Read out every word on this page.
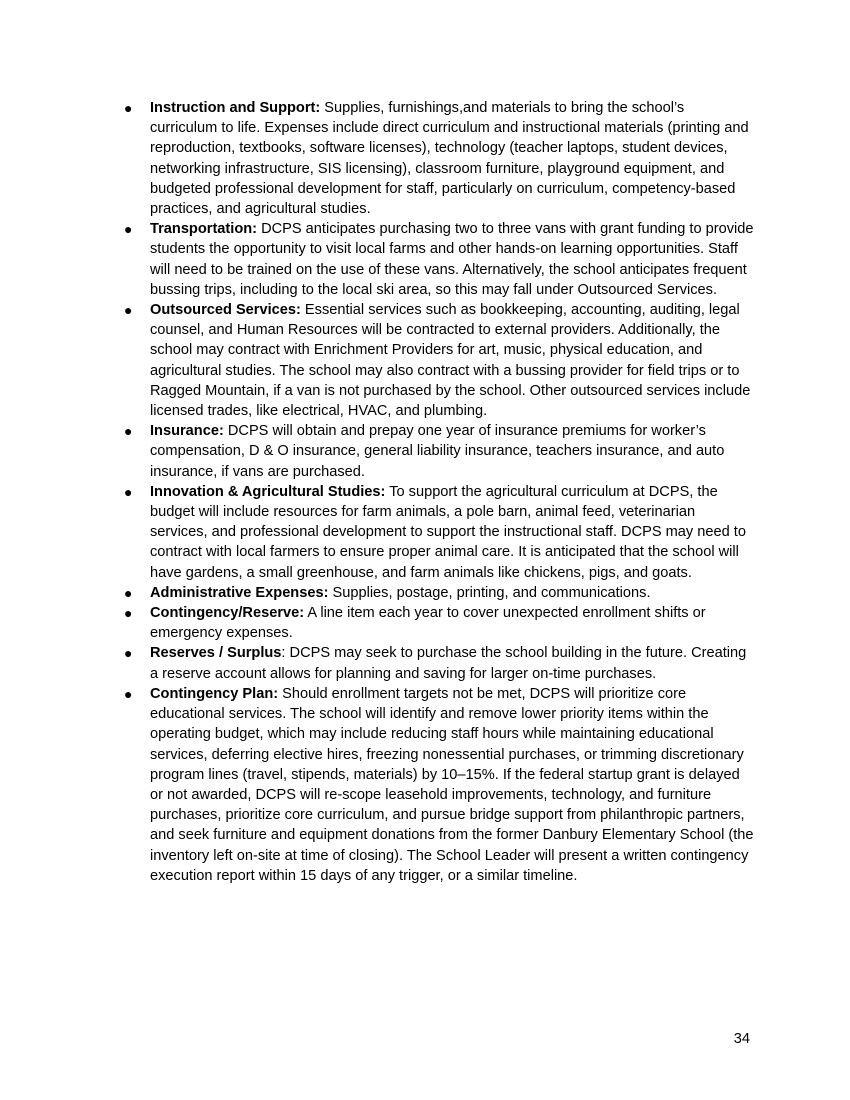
●	Instruction and Support: Supplies, furnishings,and materials to bring the school’s curriculum to life. Expenses include direct curriculum and instructional materials (printing and reproduction, textbooks, software licenses), technology (teacher laptops, student devices, networking infrastructure, SIS licensing), classroom furniture, playground equipment, and budgeted professional development for staff, particularly on curriculum, competency-based practices, and agricultural studies.
●	Transportation: DCPS anticipates purchasing two to three vans with grant funding to provide students the opportunity to visit local farms and other hands-on learning opportunities. Staff will need to be trained on the use of these vans. Alternatively, the school anticipates frequent bussing trips, including to the local ski area, so this may fall under Outsourced Services.
●	Outsourced Services: Essential services such as bookkeeping, accounting, auditing, legal counsel, and Human Resources will be contracted to external providers. Additionally, the school may contract with Enrichment Providers for art, music, physical education, and agricultural studies. The school may also contract with a bussing provider for field trips or to Ragged Mountain, if a van is not purchased by the school. Other outsourced services include licensed trades, like electrical, HVAC, and plumbing.
●	Insurance: DCPS will obtain and prepay one year of insurance premiums for worker’s compensation, D & O insurance, general liability insurance, teachers insurance, and auto insurance, if vans are purchased.
●	Innovation & Agricultural Studies: To support the agricultural curriculum at DCPS, the budget will include resources for farm animals, a pole barn, animal feed, veterinarian services, and professional development to support the instructional staff. DCPS may need to contract with local farmers to ensure proper animal care. It is anticipated that the school will have gardens, a small greenhouse, and farm animals like chickens, pigs, and goats.
●	Administrative Expenses: Supplies, postage, printing, and communications.
●	Contingency/Reserve: A line item each year to cover unexpected enrollment shifts or emergency expenses.
●	Reserves / Surplus: DCPS may seek to purchase the school building in the future. Creating a reserve account allows for planning and saving for larger on-time purchases.
●	Contingency Plan: Should enrollment targets not be met, DCPS will prioritize core educational services. The school will identify and remove lower priority items within the operating budget, which may include reducing staff hours while maintaining educational services, deferring elective hires, freezing nonessential purchases, or trimming discretionary program lines (travel, stipends, materials) by 10–15%. If the federal startup grant is delayed or not awarded, DCPS will re-scope leasehold improvements, technology, and furniture purchases, prioritize core curriculum, and pursue bridge support from philanthropic partners, and seek furniture and equipment donations from the former Danbury Elementary School (the inventory left on-site at time of closing). The School Leader will present a written contingency execution report within 15 days of any trigger, or a similar timeline.
34
